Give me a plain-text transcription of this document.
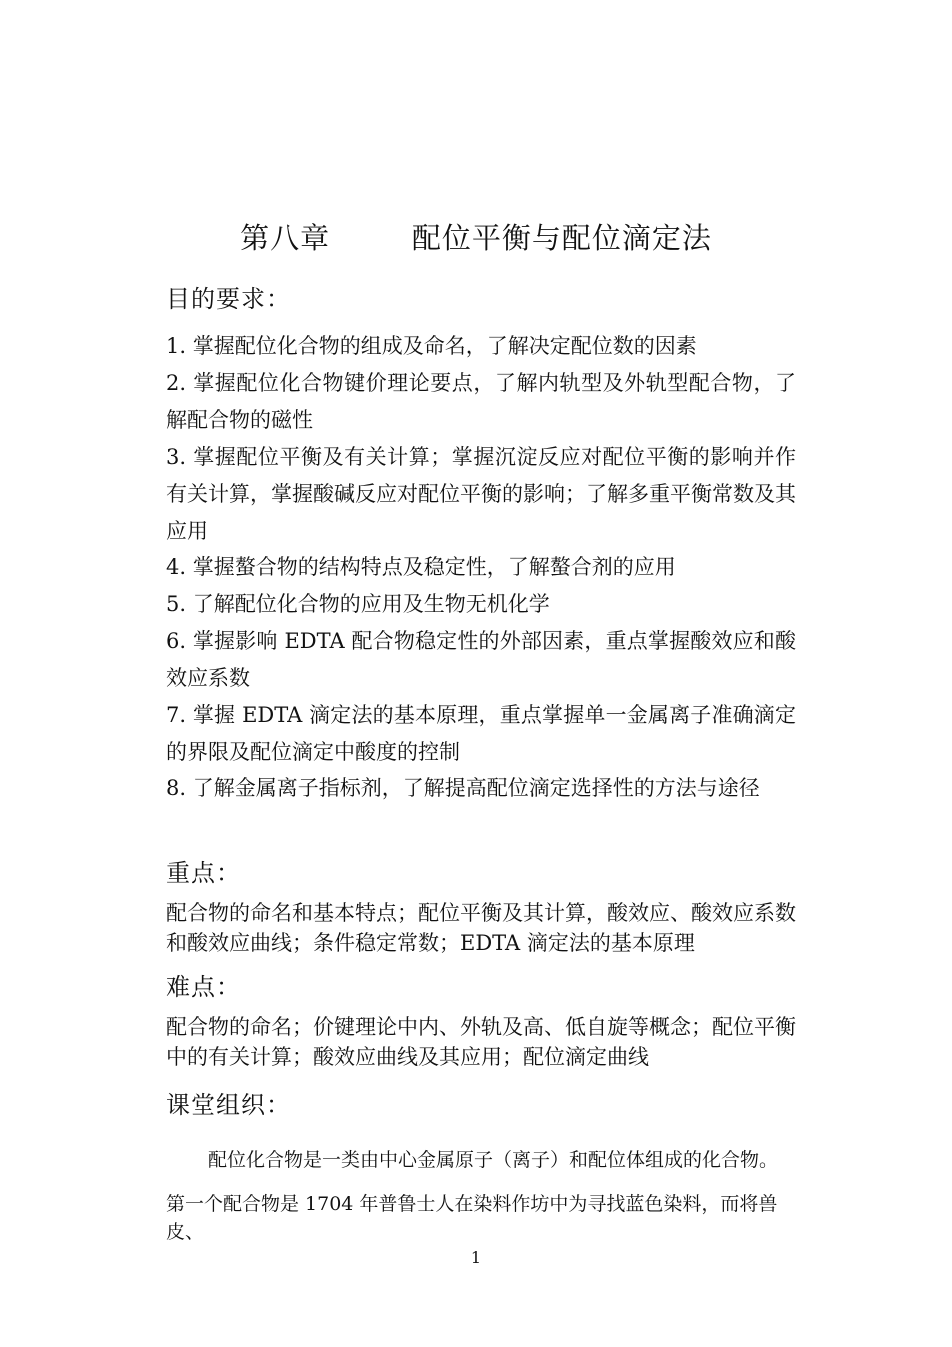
第八章        配位平衡与配位滴定法
目的要求：
1. 掌握配位化合物的组成及命名，了解决定配位数的因素
2. 掌握配位化合物键价理论要点，了解内轨型及外轨型配合物，了解配合物的磁性
3. 掌握配位平衡及有关计算；掌握沉淀反应对配位平衡的影响并作有关计算，掌握酸碱反应对配位平衡的影响；了解多重平衡常数及其应用
4. 掌握螯合物的结构特点及稳定性，了解螯合剂的应用
5. 了解配位化合物的应用及生物无机化学
6. 掌握影响 EDTA 配合物稳定性的外部因素，重点掌握酸效应和酸效应系数
7. 掌握 EDTA 滴定法的基本原理，重点掌握单一金属离子准确滴定的界限及配位滴定中酸度的控制
8. 了解金属离子指标剂，了解提高配位滴定选择性的方法与途径
重点：
配合物的命名和基本特点；配位平衡及其计算，酸效应、酸效应系数和酸效应曲线；条件稳定常数；EDTA 滴定法的基本原理
难点：
配合物的命名；价键理论中内、外轨及高、低自旋等概念；配位平衡中的有关计算；酸效应曲线及其应用；配位滴定曲线
课堂组织：
配位化合物是一类由中心金属原子（离子）和配位体组成的化合物。
第一个配合物是 1704 年普鲁士人在染料作坊中为寻找蓝色染料，而将兽皮、
1
